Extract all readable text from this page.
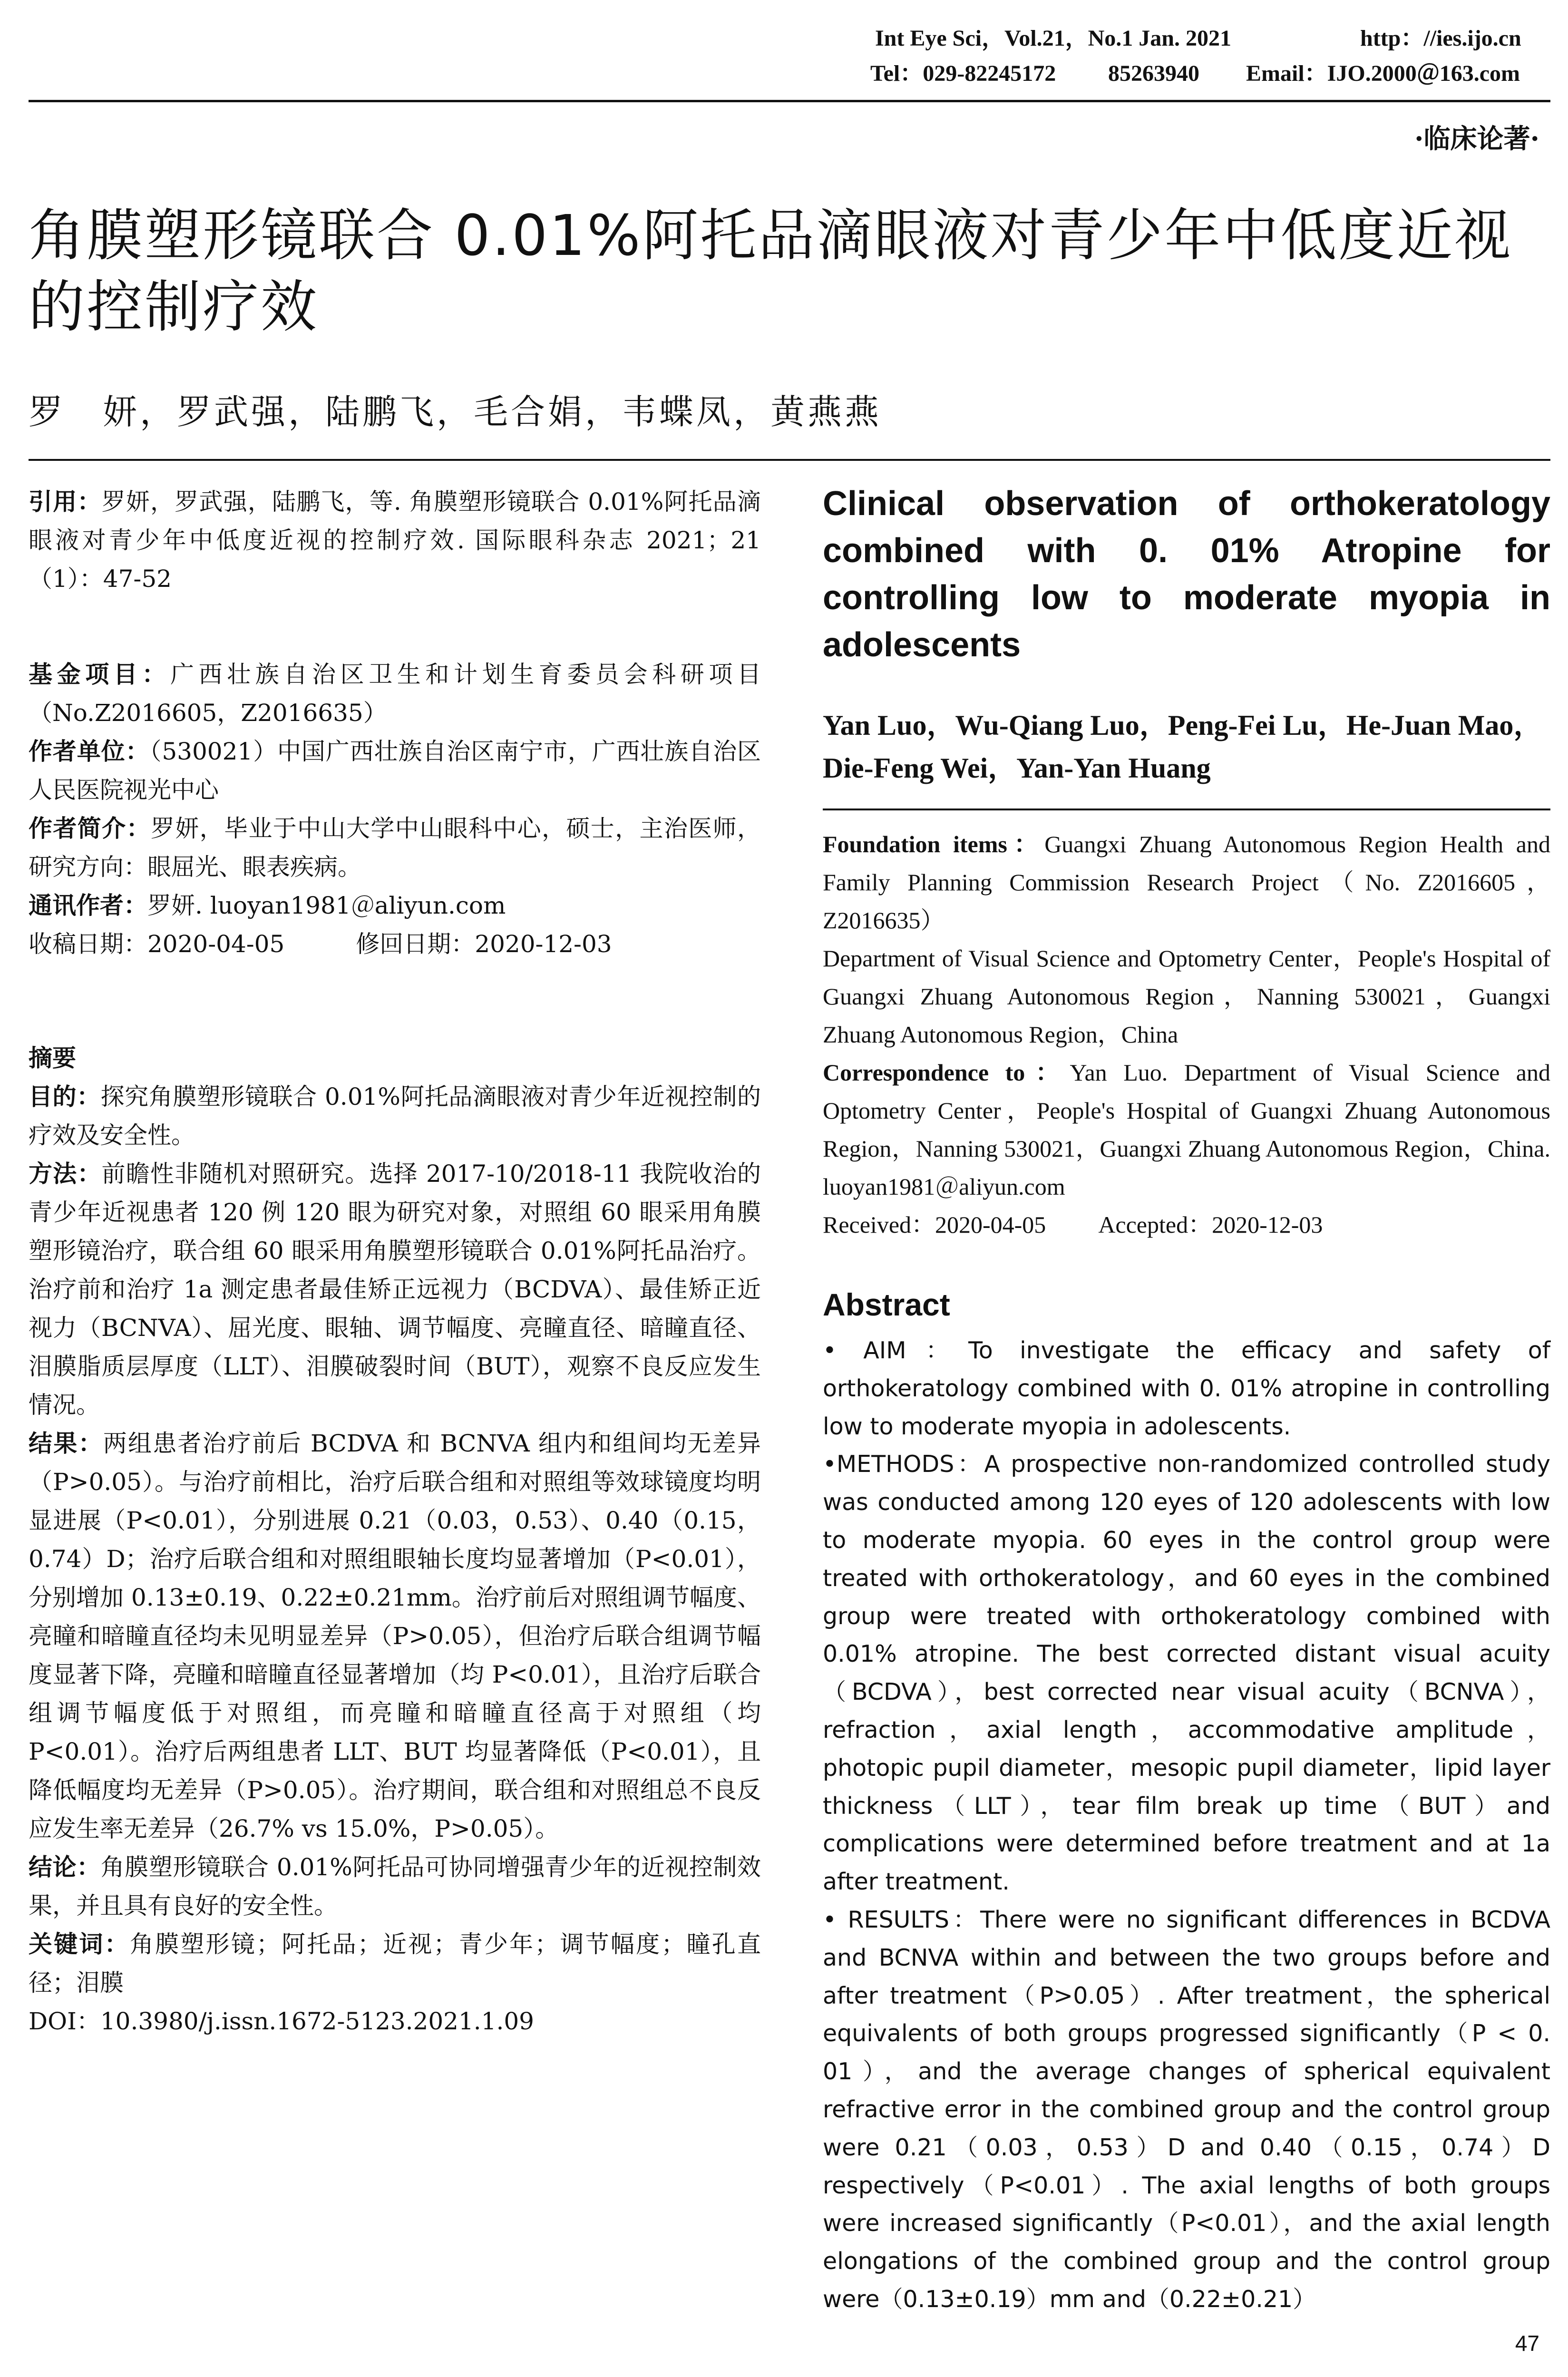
Int Eye Sci，Vol.21，No.1 Jan. 2021	http：//ies.ijo.cn
Tel：029-82245172 85263940 Email：IJO.2000＠163.com
·临床论著·
角膜塑形镜联合 0.01%阿托品滴眼液对青少年中低度近视的控制疗效
罗　妍，罗武强，陆鹏飞，毛合娟，韦蝶凤，黄燕燕

引用：罗妍，罗武强，陆鹏飞，等. 角膜塑形镜联合 0.01%阿托品滴眼液对青少年中低度近视的控制疗效. 国际眼科杂志 2021；21（1）：47-52

基金项目：广西壮族自治区卫生和计划生育委员会科研项目（No.Z2016605，Z2016635）

作者单位：（530021）中国广西壮族自治区南宁市，广西壮族自治区人民医院视光中心

作者简介：罗妍，毕业于中山大学中山眼科中心，硕士，主治医师，研究方向：眼屈光、眼表疾病。

通讯作者：罗妍. luoyan1981＠aliyun.com

收稿日期：2020-04-05	修回日期：2020-12-03

摘要

目的：探究角膜塑形镜联合 0.01%阿托品滴眼液对青少年近视控制的疗效及安全性。

方法：前瞻性非随机对照研究。选择 2017-10/2018-11 我院收治的青少年近视患者 120 例 120 眼为研究对象，对照组 60 眼采用角膜塑形镜治疗，联合组 60 眼采用角膜塑形镜联合 0.01%阿托品治疗。治疗前和治疗 1a 测定患者最佳矫正远视力（BCDVA）、最佳矫正近视力（BCNVA）、屈光度、眼轴、调节幅度、亮瞳直径、暗瞳直径、泪膜脂质层厚度（LLT）、泪膜破裂时间（BUT），观察不良反应发生情况。

结果：两组患者治疗前后 BCDVA 和 BCNVA 组内和组间均无差异（P>0.05）。与治疗前相比，治疗后联合组和对照组等效球镜度均明显进展（P<0.01），分别进展 0.21（0.03，0.53）、0.40（0.15，0.74）D；治疗后联合组和对照组眼轴长度均显著增加（P<0.01），分别增加 0.13±0.19、0.22±0.21mm。治疗前后对照组调节幅度、亮瞳和暗瞳直径均未见明显差异（P>0.05），但治疗后联合组调节幅度显著下降，亮瞳和暗瞳直径显著增加（均 P<0.01），且治疗后联合组调节幅度低于对照组，而亮瞳和暗瞳直径高于对照组（均 P<0.01）。治疗后两组患者 LLT、BUT 均显著降低（P<0.01），且降低幅度均无差异（P>0.05）。治疗期间，联合组和对照组总不良反应发生率无差异（26.7% vs 15.0%，P>0.05）。

结论：角膜塑形镜联合 0.01%阿托品可协同增强青少年的近视控制效果，并且具有良好的安全性。

关键词：角膜塑形镜；阿托品；近视；青少年；调节幅度；瞳孔直径；泪膜

DOI：10.3980/j.issn.1672-5123.2021.1.09

Clinical observation of orthokeratology combined with 0. 01% Atropine for controlling low to moderate myopia in adolescents
Yan Luo，Wu-Qiang Luo，Peng-Fei Lu，He-Juan Mao，Die-Feng Wei，Yan-Yan Huang

Foundation items：Guangxi Zhuang Autonomous Region Health and Family Planning Commission Research Project（No. Z2016605，Z2016635）

Department of Visual Science and Optometry Center，People's Hospital of Guangxi Zhuang Autonomous Region，Nanning 530021，Guangxi Zhuang Autonomous Region，China

Correspondence to：Yan Luo. Department of Visual Science and Optometry Center，People's Hospital of Guangxi Zhuang Autonomous Region，Nanning 530021，Guangxi Zhuang Autonomous Region，China. luoyan1981＠aliyun.com

Received：2020-04-05 Accepted：2020-12-03

Abstract

• AIM：To investigate the efficacy and safety of orthokeratology combined with 0. 01% atropine in controlling low to moderate myopia in adolescents.

•METHODS：A prospective non-randomized controlled study was conducted among 120 eyes of 120 adolescents with low to moderate myopia. 60 eyes in the control group were treated with orthokeratology，and 60 eyes in the combined group were treated with orthokeratology combined with 0.01% atropine. The best corrected distant visual acuity（BCDVA），best corrected near visual acuity（BCNVA），refraction，axial length，accommodative amplitude，photopic pupil diameter，mesopic pupil diameter，lipid layer thickness（LLT），tear film break up time（BUT）and complications were determined before treatment and at 1a after treatment.

• RESULTS：There were no significant differences in BCDVA and BCNVA within and between the two groups before and after treatment（P>0.05）. After treatment，the spherical equivalents of both groups progressed significantly（P < 0. 01），and the average changes of spherical equivalent refractive error in the combined group and the control group were 0.21（0.03，0.53）D and 0.40（0.15，0.74）D respectively（P<0.01）. The axial lengths of both groups were increased significantly（P<0.01），and the axial length elongations of the combined group and the control group were（0.13±0.19）mm and（0.22±0.21）

47
